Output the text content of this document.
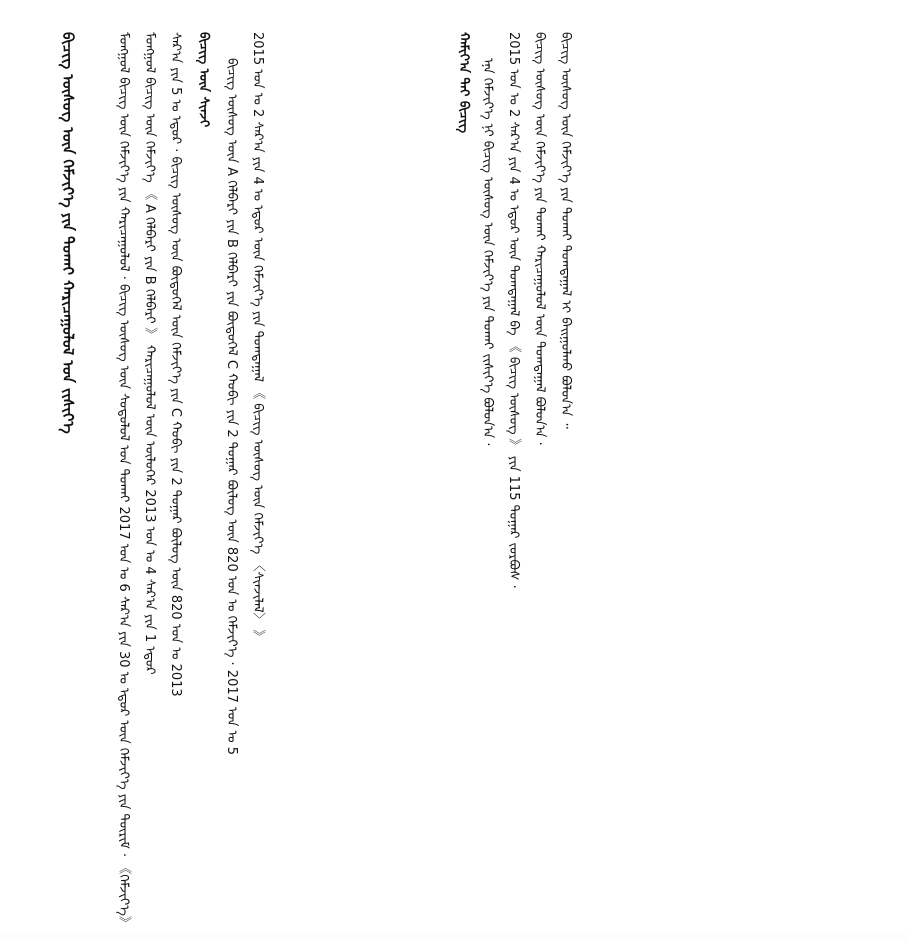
ᠪᠢᠴᠢᠭ ᠦᠰᠦᠭ ᠦᠨ ᠬᠡᠮᠵᠢᠶ᠎ᠡ ᠶᠢᠨ ᠲᠤᠬᠠᠢ ᠬᠠᠷᠢᠴᠠᠭᠤᠯᠤᠯ ᠤᠨ ᠵᠢᠱᠢᠶ᠎ᠡ	ᠪᠢᠴᠢᠭ ᠦᠨ ᠰᠢᠨᠵᠢ
ᠮᠣᠩᠭᠣᠯ ᠪᠢᠴᠢᠭ ᠦᠨ ᠬᠡᠮᠵᠢᠶ᠎ᠡ ᠶᠢᠨ ᠬᠠᠷᠢᠴᠠᠭᠤᠯᠤᠯ · ᠪᠢᠴᠢᠭ ᠦᠰᠦᠭ ᠦᠨ ᠰᠤᠳᠤᠯᠤᠯ ᠤᠨ ᠲᠤᠬᠠᠢ 2017 ᠣᠨ ᠤ 6 ᠰᠠᠷ᠎ᠠ ᠶᠢᠨ 30 ᠤ ᠡᠳᠦᠷ ᠦᠨ ᠬᠡᠮᠵᠢᠶ᠎ᠡ ᠶᠢᠨ ᠳᠦᠷᠢᠮ · 《ᠬᠡᠮᠵᠢᠶ᠎ᠡ》 ᠮᠣᠩᠭᠣᠯ ᠪᠢᠴᠢᠭ ᠦᠨ ᠬᠡᠮᠵᠢᠶ᠎ᠡ 《 A ᠬᠡᠯᠪᠡᠷᠢ ᠶᠢᠨ B ᠬᠡᠯᠪᠡᠷᠢ 》 ᠬᠠᠷᠢᠴᠠᠭᠤᠯᠤᠯ ᠦᠨ ᠦᠯᠦᠭᠡᠷ 2013 ᠣᠨ ᠤ 4 ᠰᠠᠷ᠎ᠠ ᠶᠢᠨ 1 ᠡᠳᠦᠷ ᠰᠠᠷ᠎ᠠ ᠶᠢᠨ 5 ᠤ ᠡᠳᠦᠷ · ᠪᠢᠴᠢᠭ ᠦᠰᠦᠭ ᠦᠨ ᠪᠦᠲᠦᠭᠡᠯ ᠦᠨ ᠬᠡᠮᠵᠢᠶ᠎ᠡ ᠶᠢᠨ C ᠬᠤᠪᠢ ᠶᠢᠨ 2 ᠳᠤᠭᠠᠷ ᠪᠦᠯᠦᠭ ᠦᠨ 820 ᠣᠨ ᠤ 2013	ᠪᠢᠴᠢᠭ ᠦᠰᠦᠭ ᠦᠨ A ᠬᠡᠯᠪᠡᠷᠢ ᠶᠢᠨ B ᠬᠡᠯᠪᠡᠷᠢ ᠶᠢᠨ ᠪᠦᠲᠦᠭᠡᠯ C ᠬᠤᠪᠢ ᠶᠢᠨ 2 ᠳᠤᠭᠠᠷ ᠪᠦᠯᠦᠭ ᠦᠨ 820 ᠣᠨ ᠤ ᠬᠡᠮᠵᠢᠶ᠎ᠡ · 2017 ᠣᠨ ᠤ 5 2015 ᠣᠨ ᠤ 2 ᠰᠠᠷ᠎ᠠ ᠶᠢᠨ 4 ᠤ ᠡᠳᠦᠷ ᠦᠨ ᠬᠡᠮᠵᠢᠶ᠎ᠡ ᠶᠢᠨ ᠲᠣᠭᠲᠠᠭᠠᠯ 《 ᠪᠢᠴᠢᠭ ᠦᠰᠦᠭ ᠦᠨ ᠬᠡᠮᠵᠢᠶ᠎ᠡ 〈ᠰᠢᠨᠵᠢᠯᠡᠯ〉 》	ᠬᠠᠮᠢᠶ᠎ᠠ ᠲᠠᠢ ᠪᠢᠴᠢᠭ ᠡᠨᠡ ᠬᠡᠮᠵᠢᠶ᠎ᠡ ᠨᠢ ᠪᠢᠴᠢᠭ ᠦᠰᠦᠭ ᠦᠨ ᠬᠡᠮᠵᠢᠶ᠎ᠡ ᠶᠢᠨ ᠲᠤᠬᠠᠢ ᠵᠢᠱᠢᠶ᠎ᠡ ᠪᠣᠯᠤᠨ᠎ᠠ · 2015 ᠣᠨ ᠤ 2 ᠰᠠᠷ᠎ᠠ ᠶᠢᠨ 4 ᠤ ᠡᠳᠦᠷ ᠦᠨ ᠲᠣᠭᠲᠠᠭᠠᠯ ᠪᠠ 《 ᠪᠢᠴᠢᠭ ᠦᠰᠦᠭ 》 ᠶᠢᠨ 115 ᠳᠤᠭᠠᠷ ᠵᠤᠷᠪᠤᠰ · ᠪᠢᠴᠢᠭ ᠦᠰᠦᠭ ᠦᠨ ᠬᠡᠮᠵᠢᠶ᠎ᠡ ᠶᠢᠨ ᠲᠤᠬᠠᠢ ᠬᠠᠷᠢᠴᠠᠭᠤᠯᠤᠯ ᠦᠨ ᠲᠣᠭᠲᠠᠭᠠᠯ ᠪᠣᠯᠤᠨ᠎ᠠ · ᠪᠢᠴᠢᠭ ᠦᠰᠦᠭ ᠦᠨ ᠬᠡᠮᠵᠢᠶ᠎ᠡ ᠶᠢᠨ ᠲᠤᠬᠠᠢ ᠲᠣᠭᠲᠠᠭᠠᠯ ᠢ ᠪᠠᠢᠭᠤᠯᠬᠤ ᠪᠣᠯᠤᠨ᠎ᠠ ᠃
